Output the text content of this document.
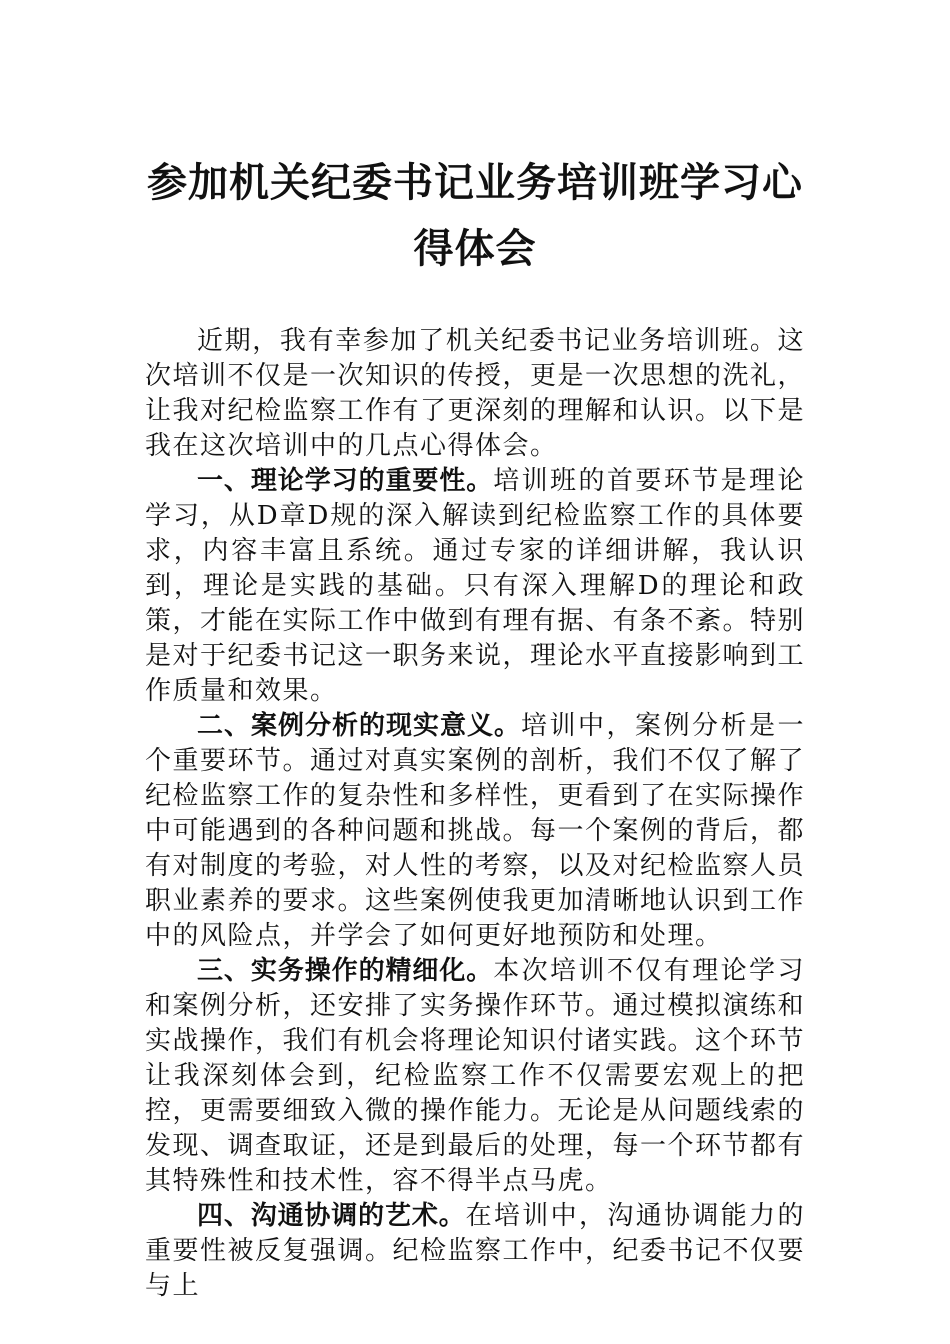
参加机关纪委书记业务培训班学习心得体会

近期，我有幸参加了机关纪委书记业务培训班。这次培训不仅是一次知识的传授，更是一次思想的洗礼，让我对纪检监察工作有了更深刻的理解和认识。以下是我在这次培训中的几点心得体会。

一、理论学习的重要性。培训班的首要环节是理论学习，从D章D规的深入解读到纪检监察工作的具体要求，内容丰富且系统。通过专家的详细讲解，我认识到，理论是实践的基础。只有深入理解D的理论和政策，才能在实际工作中做到有理有据、有条不紊。特别是对于纪委书记这一职务来说，理论水平直接影响到工作质量和效果。

二、案例分析的现实意义。培训中，案例分析是一个重要环节。通过对真实案例的剖析，我们不仅了解了纪检监察工作的复杂性和多样性，更看到了在实际操作中可能遇到的各种问题和挑战。每一个案例的背后，都有对制度的考验，对人性的考察，以及对纪检监察人员职业素养的要求。这些案例使我更加清晰地认识到工作中的风险点，并学会了如何更好地预防和处理。

三、实务操作的精细化。本次培训不仅有理论学习和案例分析，还安排了实务操作环节。通过模拟演练和实战操作，我们有机会将理论知识付诸实践。这个环节让我深刻体会到，纪检监察工作不仅需要宏观上的把控，更需要细致入微的操作能力。无论是从问题线索的发现、调查取证，还是到最后的处理，每一个环节都有其特殊性和技术性，容不得半点马虎。

四、沟通协调的艺术。在培训中，沟通协调能力的重要性被反复强调。纪检监察工作中，纪委书记不仅要与上
